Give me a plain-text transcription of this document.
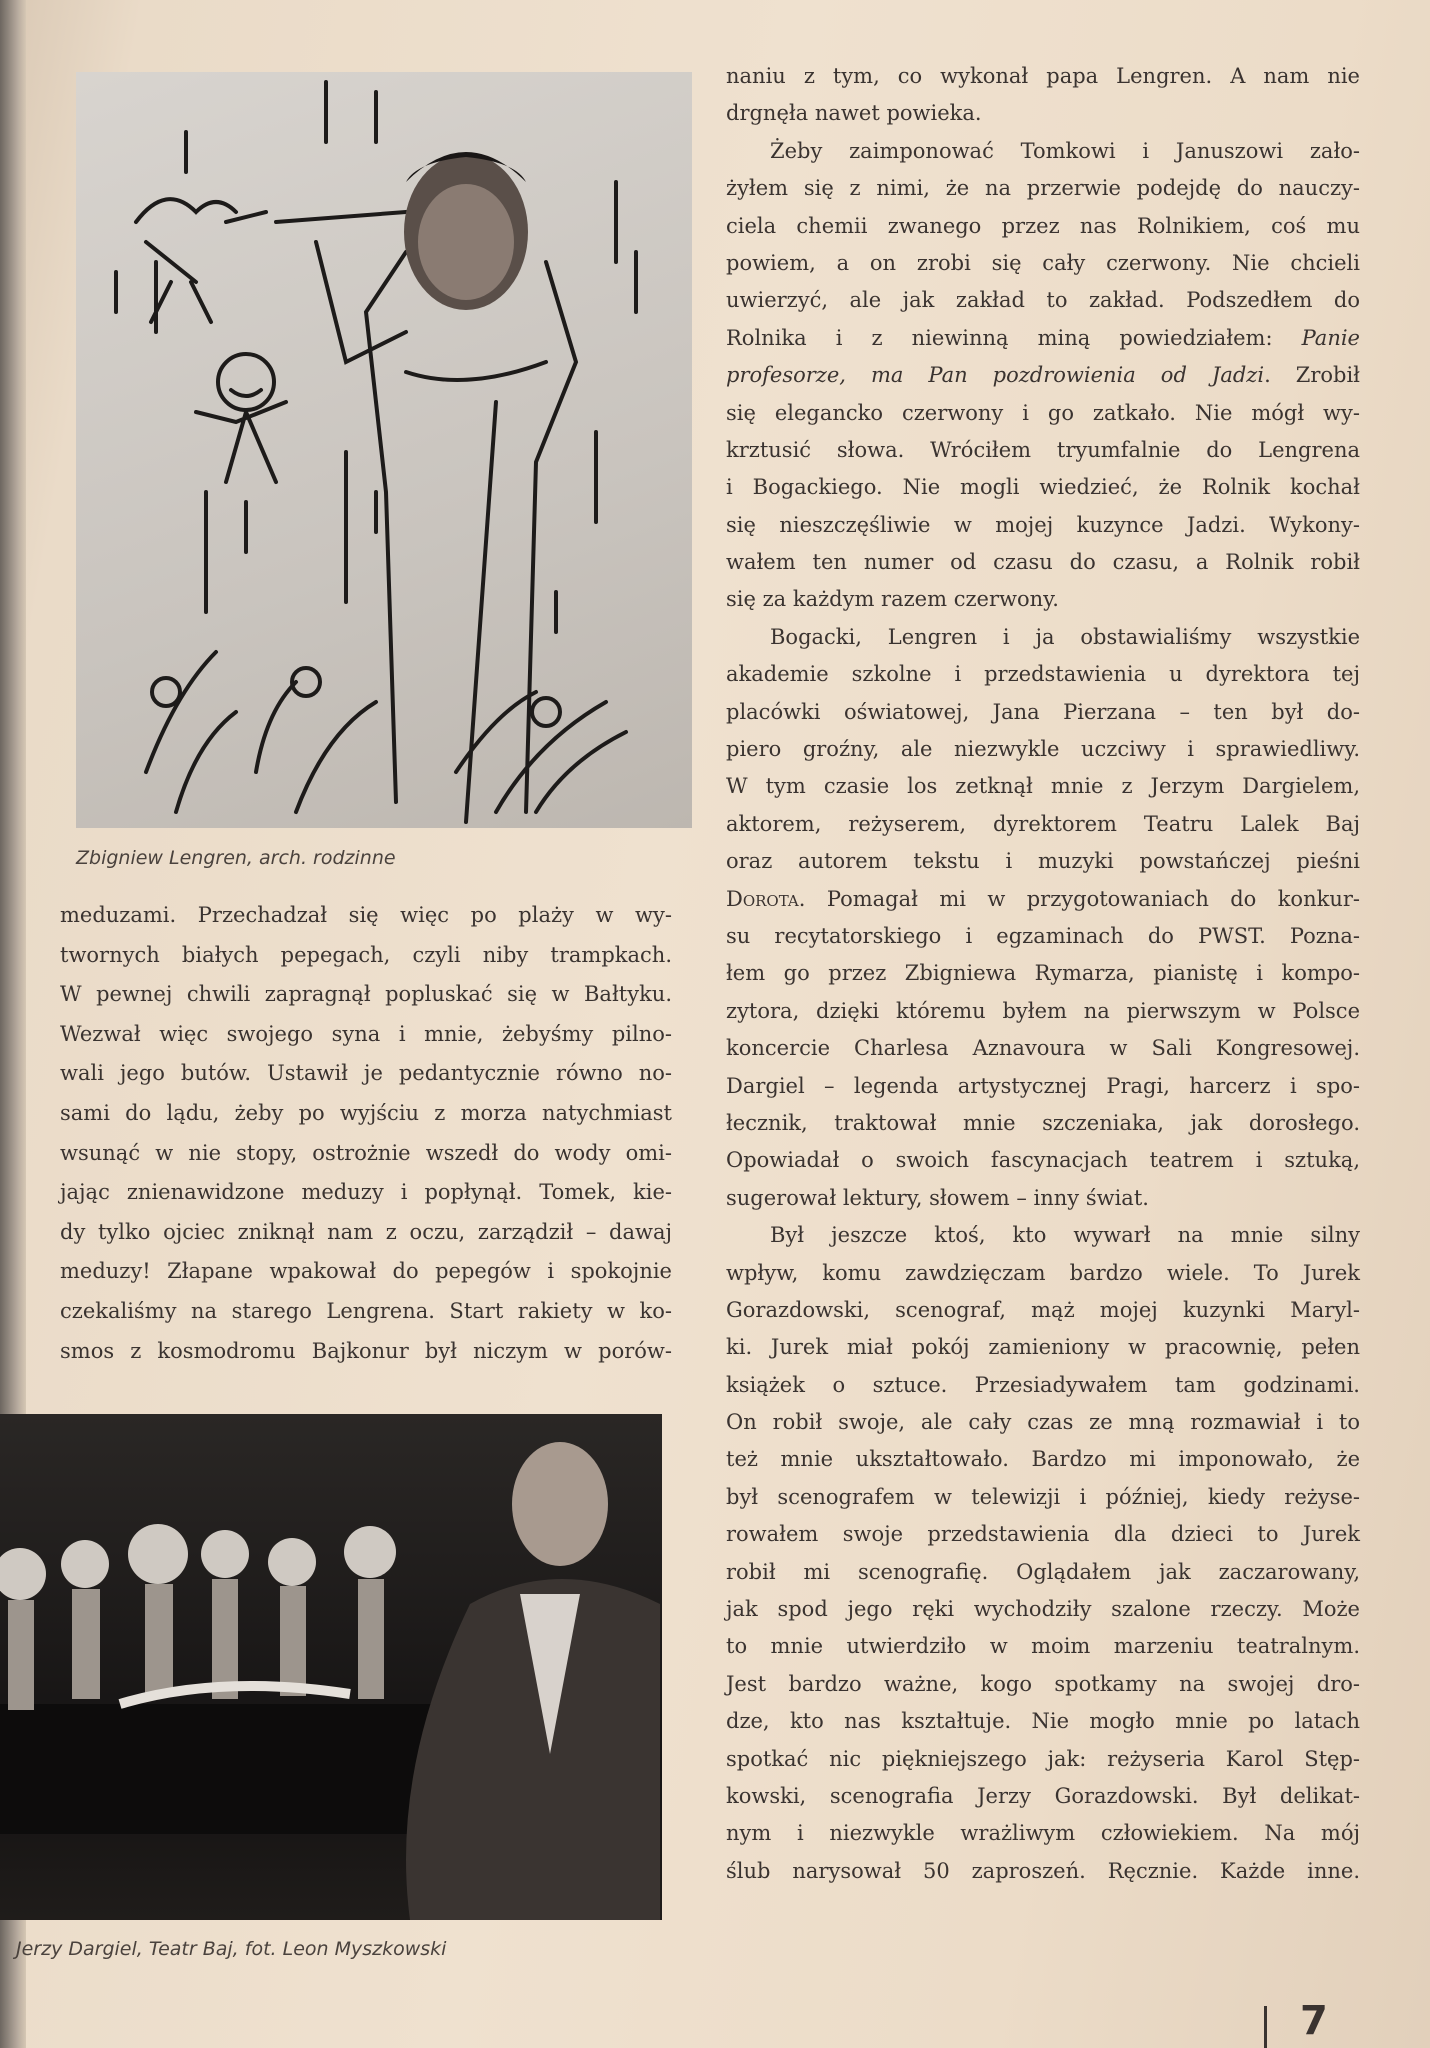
Zbigniew Lengren, arch. rodzinne
meduzami. Przechadzał się więc po plaży w wy-
twornych białych pepegach, czyli niby trampkach.
W pewnej chwili zapragnął popluskać się w Bałtyku.
Wezwał więc swojego syna i mnie, żebyśmy pilno-
wali jego butów. Ustawił je pedantycznie równo no-
sami do lądu, żeby po wyjściu z morza natychmiast
wsunąć w nie stopy, ostrożnie wszedł do wody omi-
jając znienawidzone meduzy i popłynął. Tomek, kie-
dy tylko ojciec zniknął nam z oczu, zarządził – dawaj
meduzy! Złapane wpakował do pepegów i spokojnie
czekaliśmy na starego Lengrena. Start rakiety w ko-
smos z kosmodromu Bajkonur był niczym w porów-
Jerzy Dargiel, Teatr Baj, fot. Leon Myszkowski
naniu z tym, co wykonał papa Lengren. A nam nie
drgnęła nawet powieka.
Żeby zaimponować Tomkowi i Januszowi zało-
żyłem się z nimi, że na przerwie podejdę do nauczy-
ciela chemii zwanego przez nas Rolnikiem, coś mu
powiem, a on zrobi się cały czerwony. Nie chcieli
uwierzyć, ale jak zakład to zakład. Podszedłem do
Rolnika i z niewinną miną powiedziałem: Panie
profesorze, ma Pan pozdrowienia od Jadzi. Zrobił
się elegancko czerwony i go zatkało. Nie mógł wy-
krztusić słowa. Wróciłem tryumfalnie do Lengrena
i Bogackiego. Nie mogli wiedzieć, że Rolnik kochał
się nieszczęśliwie w mojej kuzynce Jadzi. Wykony-
wałem ten numer od czasu do czasu, a Rolnik robił
się za każdym razem czerwony.
Bogacki, Lengren i ja obstawialiśmy wszystkie
akademie szkolne i przedstawienia u dyrektora tej
placówki oświatowej, Jana Pierzana – ten był do-
piero groźny, ale niezwykle uczciwy i sprawiedliwy.
W tym czasie los zetknął mnie z Jerzym Dargielem,
aktorem, reżyserem, dyrektorem Teatru Lalek Baj
oraz autorem tekstu i muzyki powstańczej pieśni
Dorota. Pomagał mi w przygotowaniach do konkur-
su recytatorskiego i egzaminach do PWST. Pozna-
łem go przez Zbigniewa Rymarza, pianistę i kompo-
zytora, dzięki któremu byłem na pierwszym w Polsce
koncercie Charlesa Aznavoura w Sali Kongresowej.
Dargiel – legenda artystycznej Pragi, harcerz i spo-
łecznik, traktował mnie szczeniaka, jak dorosłego.
Opowiadał o swoich fascynacjach teatrem i sztuką,
sugerował lektury, słowem – inny świat.
Był jeszcze ktoś, kto wywarł na mnie silny
wpływ, komu zawdzięczam bardzo wiele. To Jurek
Gorazdowski, scenograf, mąż mojej kuzynki Maryl-
ki. Jurek miał pokój zamieniony w pracownię, pełen
książek o sztuce. Przesiadywałem tam godzinami.
On robił swoje, ale cały czas ze mną rozmawiał i to
też mnie ukształtowało. Bardzo mi imponowało, że
był scenografem w telewizji i później, kiedy reżyse-
rowałem swoje przedstawienia dla dzieci to Jurek
robił mi scenografię. Oglądałem jak zaczarowany,
jak spod jego ręki wychodziły szalone rzeczy. Może
to mnie utwierdziło w moim marzeniu teatralnym.
Jest bardzo ważne, kogo spotkamy na swojej dro-
dze, kto nas kształtuje. Nie mogło mnie po latach
spotkać nic piękniejszego jak: reżyseria Karol Stęp-
kowski, scenografia Jerzy Gorazdowski. Był delikat-
nym i niezwykle wrażliwym człowiekiem. Na mój
ślub narysował 50 zaproszeń. Ręcznie. Każde inne.
7
